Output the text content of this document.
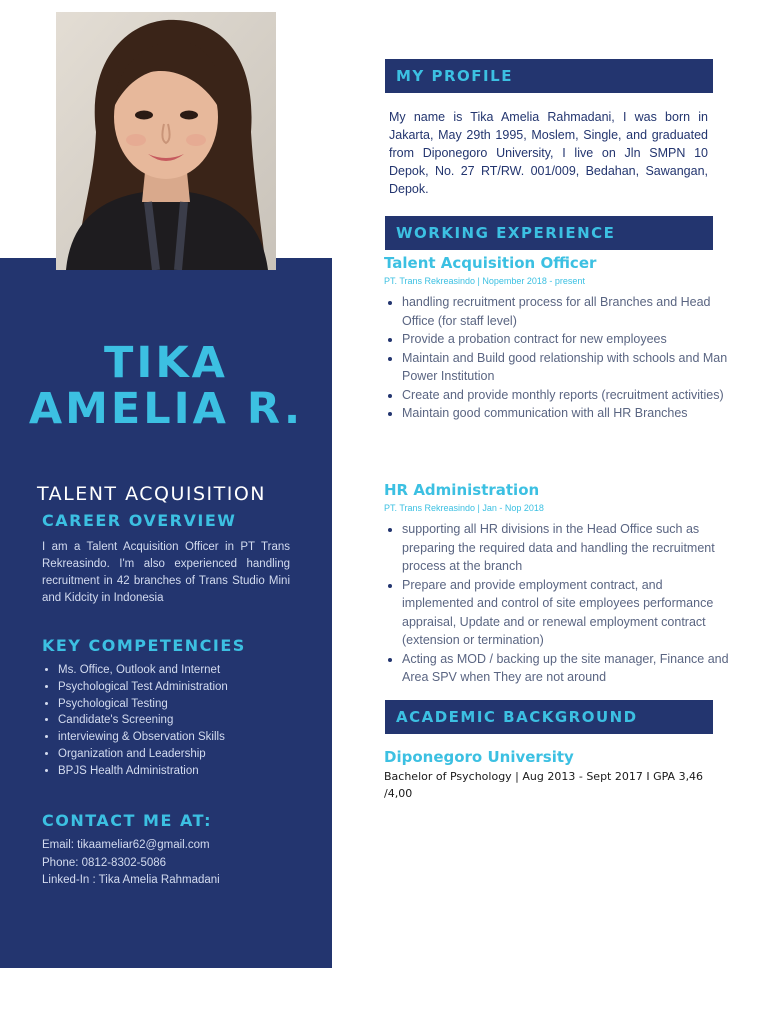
TIKA
AMELIA R.
TALENT ACQUISITION
CAREER OVERVIEW
I am a Talent Acquisition Officer in PT Trans Rekreasindo. I'm also experienced handling recruitment in 42 branches of Trans Studio Mini and Kidcity in Indonesia
KEY COMPETENCIES
• Ms. Office, Outlook and Internet
• Psychological Test Administration
• Psychological Testing
• Candidate's Screening
• interviewing & Observation Skills
• Organization and Leadership
• BPJS Health Administration
CONTACT ME AT:
Email: tikaameliar62@gmail.com
Phone: 0812-8302-5086
Linked-In : Tika Amelia Rahmadani
MY PROFILE
My name is Tika Amelia Rahmadani, I was born in Jakarta, May 29th 1995, Moslem, Single, and graduated from Diponegoro University, I live on Jln SMPN 10 Depok, No. 27 RT/RW. 001/009, Bedahan, Sawangan, Depok.
WORKING EXPERIENCE
Talent Acquisition Officer
PT. Trans Rekreasindo | Nopember 2018 - present
• handling recruitment process for all Branches and Head Office (for staff level)
• Provide a probation contract for new employees
• Maintain and Build good relationship with schools and Man Power Institution
• Create and provide monthly reports (recruitment activities)
• Maintain good communication with all HR Branches
HR Administration
PT. Trans Rekreasindo | Jan - Nop 2018
• supporting all HR divisions in the Head Office such as preparing the required data and handling the recruitment process at the branch
• Prepare and provide employment contract, and implemented and control of site employees performance appraisal, Update and or renewal employment contract (extension or termination)
• Acting as MOD / backing up the site manager, Finance and Area SPV when They are not around
ACADEMIC BACKGROUND
Diponegoro University
Bachelor of Psychology | Aug 2013 - Sept 2017 I GPA 3,46 /4,00
